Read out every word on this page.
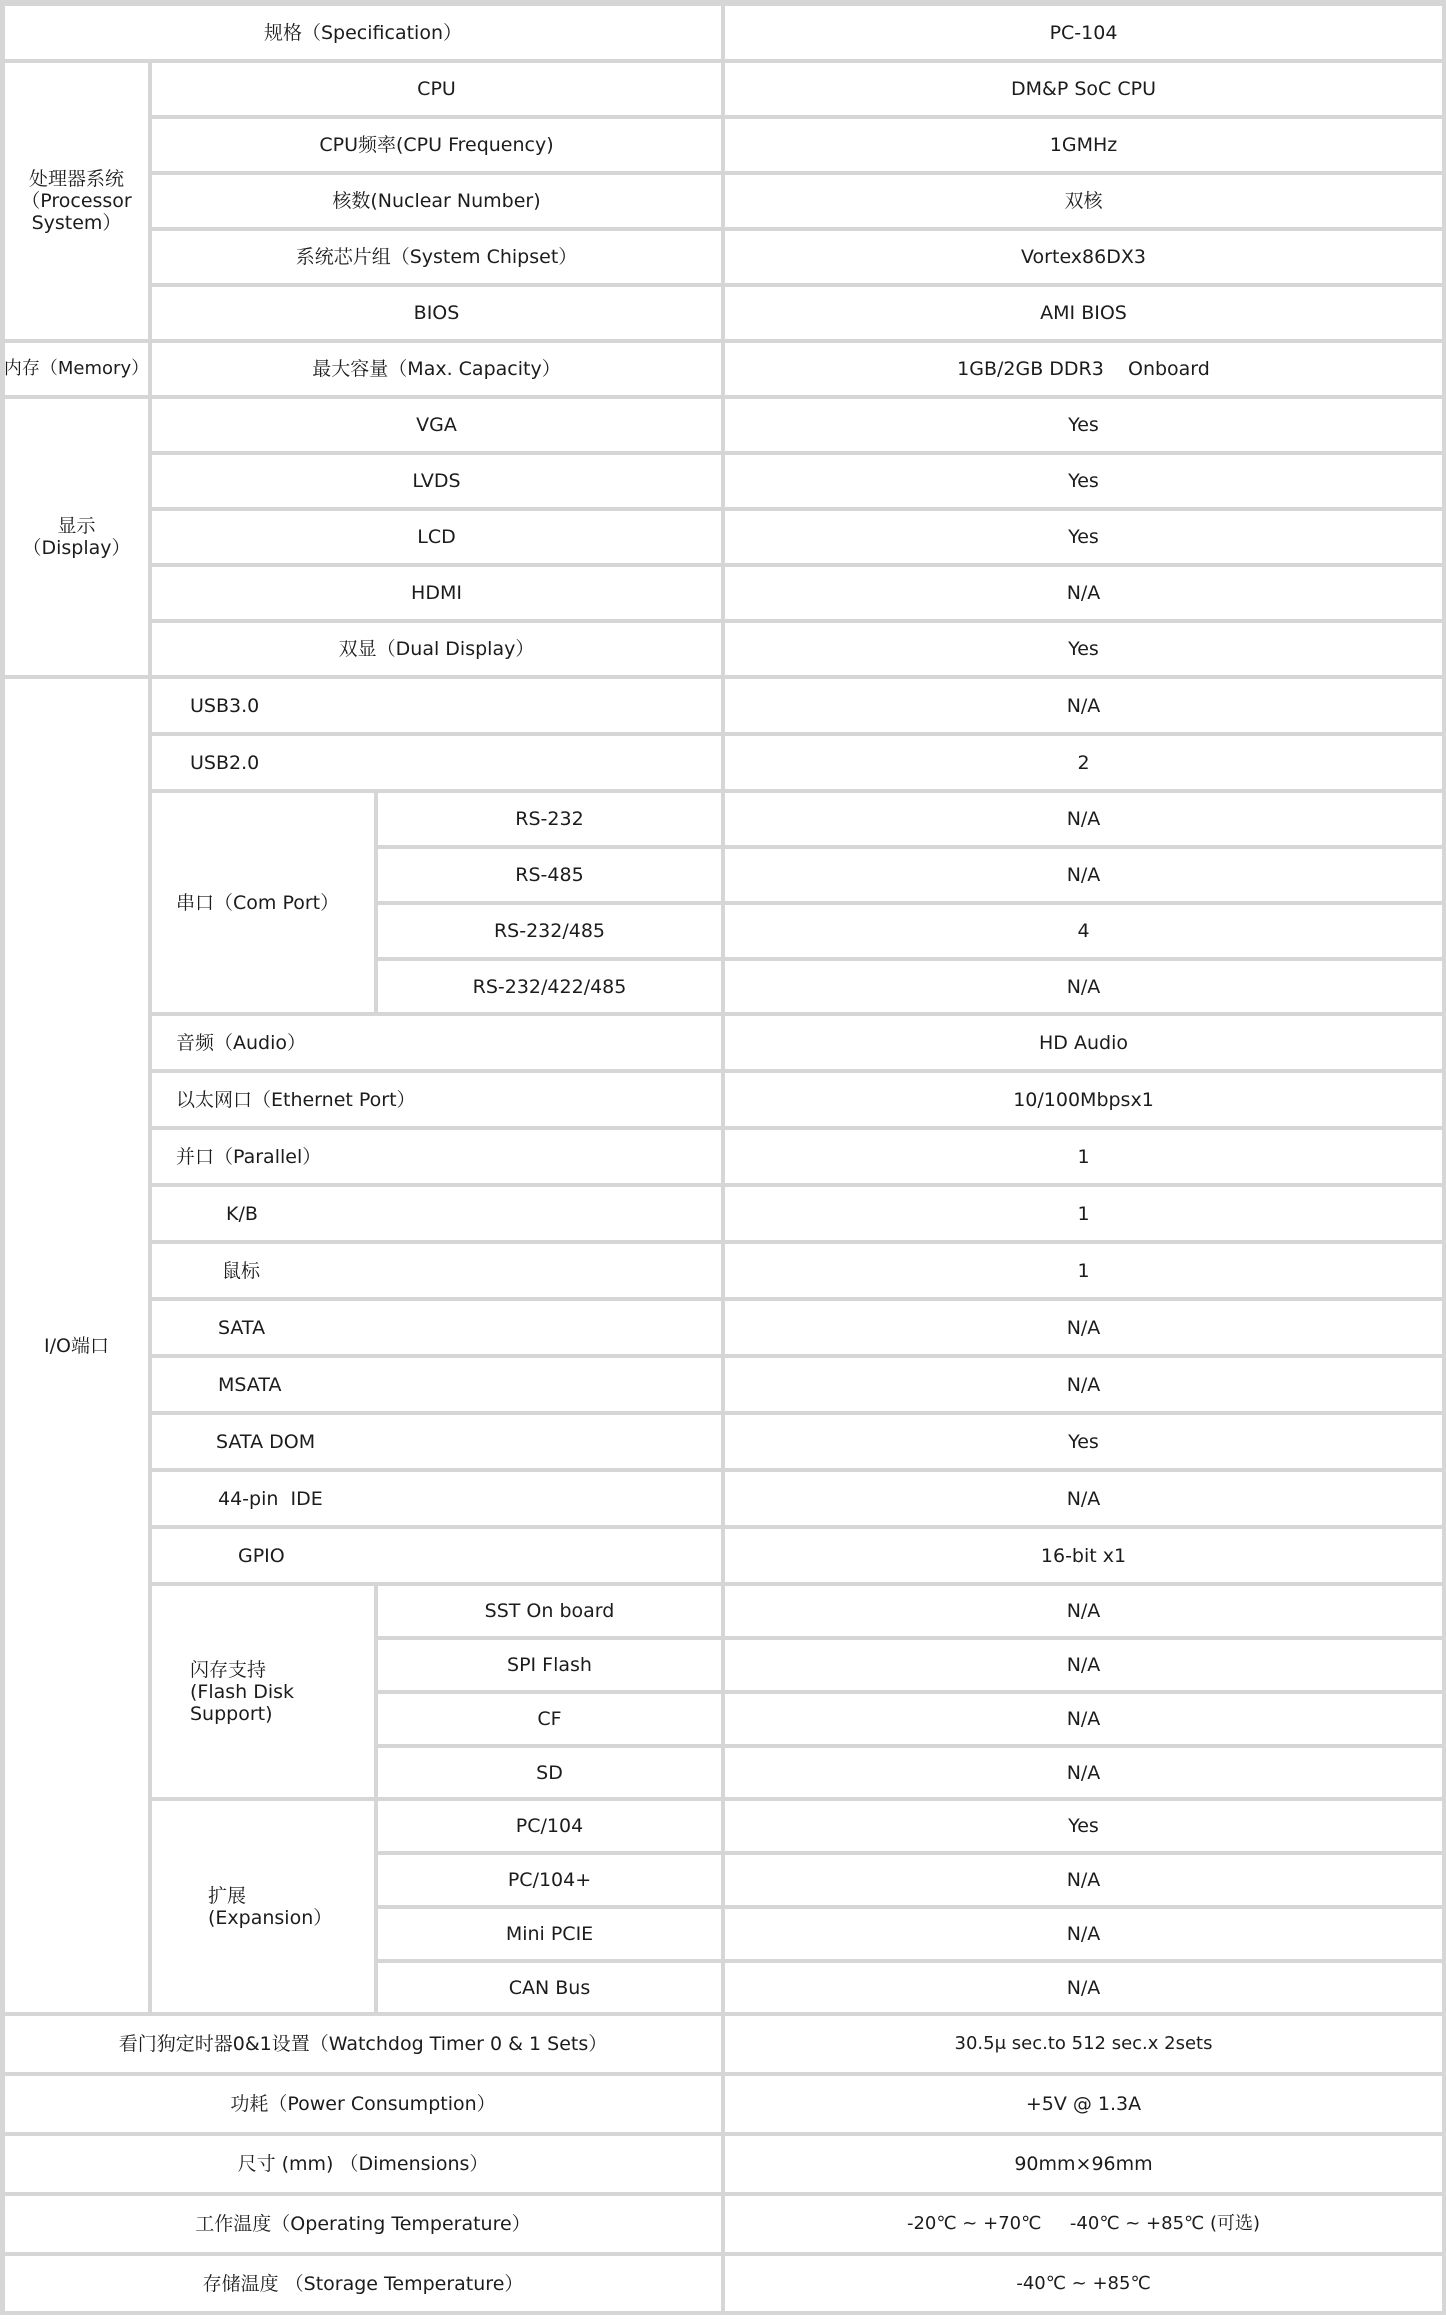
规格（Specification）	PC-104
处理器系统
（Processor
System）
CPU	DM&P SoC CPU
CPU频率(CPU Frequency)	1GMHz
核数(Nuclear Number)	双核
系统芯片组（System Chipset）	Vortex86DX3
BIOS	AMI BIOS
内存（Memory）	最大容量（Max. Capacity）	1GB/2GB DDR3    Onboard
显示
（Display）
VGA	Yes
LVDS	Yes
LCD	Yes
HDMI	N/A
双显（Dual Display）	Yes
I/O端口
USB3.0	N/A
USB2.0	2
串口（Com Port）
RS-232	N/A
RS-485	N/A
RS-232/485	4
RS-232/422/485	N/A
音频（Audio）	HD Audio
以太网口（Ethernet Port）	10/100Mbpsx1
并口（Parallel）	1
K/B	1
鼠标	1
SATA	N/A
MSATA	N/A
SATA DOM	Yes
44-pin  IDE	N/A
GPIO	16-bit x1
闪存支持
(Flash Disk Support)
SST On board	N/A
SPI Flash	N/A
CF	N/A
SD	N/A
扩展
(Expansion）
PC/104	Yes
PC/104+	N/A
Mini PCIE	N/A
CAN Bus	N/A
看门狗定时器0&1设置（Watchdog Timer 0 & 1 Sets）	30.5μ sec.to 512 sec.x 2sets
功耗（Power Consumption）	+5V @ 1.3A
尺寸 (mm) （Dimensions）	90mm×96mm
工作温度（Operating Temperature）	-20℃ ~ +70℃     -40℃ ~ +85℃ (可选)
存储温度 （Storage Temperature）	-40℃ ~ +85℃
